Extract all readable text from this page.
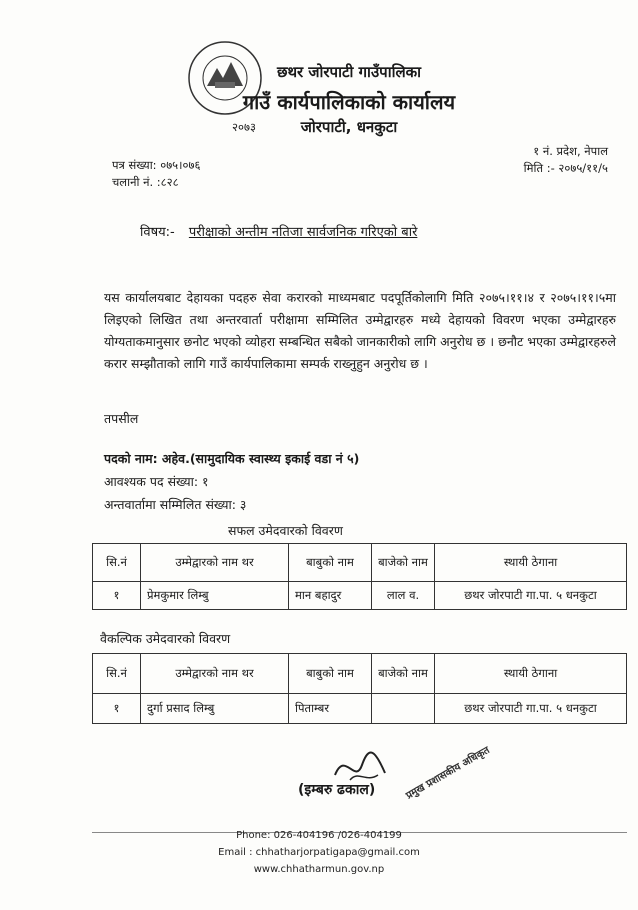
२०७३
छथर जोरपाटी गाउँपालिका
गाउँ कार्यपालिकाको कार्यालय
जोरपाटी, धनकुटा
पत्र संख्या: ०७५।०७६
चलानी नं. :८२८
१ नं. प्रदेश, नेपाल
मिति :- २०७५/११/५
विषय:- परीक्षाको अन्तीम नतिजा सार्वजनिक गरिएको बारे
यस कार्यालयबाट देहायका पदहरु सेवा करारको माध्यमबाट पदपूर्तिकोलागि मिति २०७५।११।४ र २०७५।११।५मा लिइएको लिखित तथा अन्तरवार्ता परीक्षामा सम्मिलित उम्मेद्वारहरु मध्ये देहायको विवरण भएका उम्मेद्वारहरु योग्यताकमानुसार छनोट भएको व्योहरा सम्बन्धित सबैको जानकारीको लागि अनुरोध छ । छनौट भएका उम्मेद्वारहरुले करार सम्झौताको लागि गाउँ कार्यपालिकामा सम्पर्क राख्नुहुन अनुरोध छ ।
तपसील
पदको नाम: अहेव.(सामुदायिक स्वास्थ्य इकाई वडा नं ५)
आवश्यक पद संख्या: १
अन्तवार्तामा सम्मिलित संख्या: ३
सफल उमेदवारको विवरण
सि.नं	उम्मेद्वारको नाम थर	बाबुको नाम	बाजेको नाम	स्थायी ठेगाना
१	प्रेमकुमार लिम्बु	मान बहादुर	लाल व.	छथर जोरपाटी गा.पा. ५ धनकुटा
वैकल्पिक उमेदवारको विवरण
सि.नं	उम्मेद्वारको नाम थर	बाबुको नाम	बाजेको नाम	स्थायी ठेगाना
१	दुर्गा प्रसाद लिम्बु	पिताम्बर		छथर जोरपाटी गा.पा. ५ धनकुटा
(इम्बरु ढकाल)	प्रमुख प्रशासकीय अधिकृत
Phone: 026-404196 /026-404199
Email : chhatharjorpatigapa@gmail.com
www.chhatharmun.gov.np
